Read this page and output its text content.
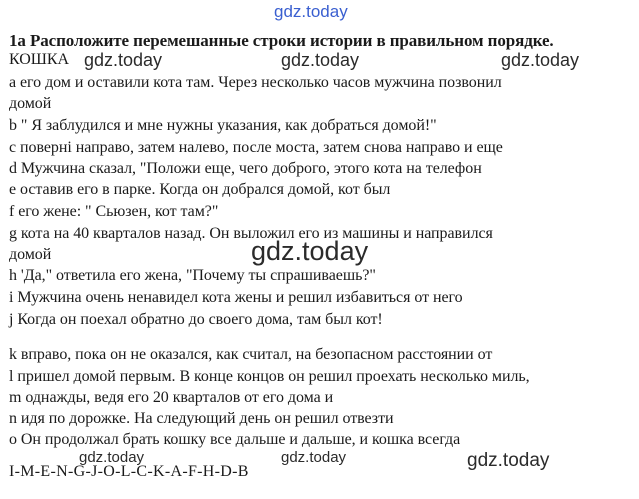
gdz.today
1a Расположите перемешанные строки истории в правильном порядке.
КОШКА gdz.today	gdz.today	gdz.today
а его дом и оставили кота там. Через несколько часов мужчина позвонил
домой
b " Я заблудился и мне нужны указания, как добраться домой!"
c повернi направо, затем налево, после моста, затем снова направо и еще
d Мужчина сказал, "Положи еще, чего доброго, этого кота на телефон
e оставив его в парке. Когда он добрался домой, кот был
f его жене: " Сьюзен, кот там?"
g кота на 40 кварталов назад. Он выложил его из машины и направился
домой	gdz.today
h 'Да," ответила его жена, "Почему ты спрашиваешь?"
i Мужчина очень ненавидел кота жены и решил избавиться от него
j Когда он поехал обратно до своего дома, там был кот!
k вправо, пока он не оказался, как считал, на безопасном расстоянии от
l пришел домой первым. В конце концов он решил проехать несколько миль,
m однажды, ведя его 20 кварталов от его дома и
n идя по дорожке. На следующий день он решил отвезти
o Он продолжал брать кошку все дальше и дальше, и кошка всегда
gdz.today	gdz.today	gdz.today
I-M-E-N-G-J-O-L-C-K-A-F-H-D-B
